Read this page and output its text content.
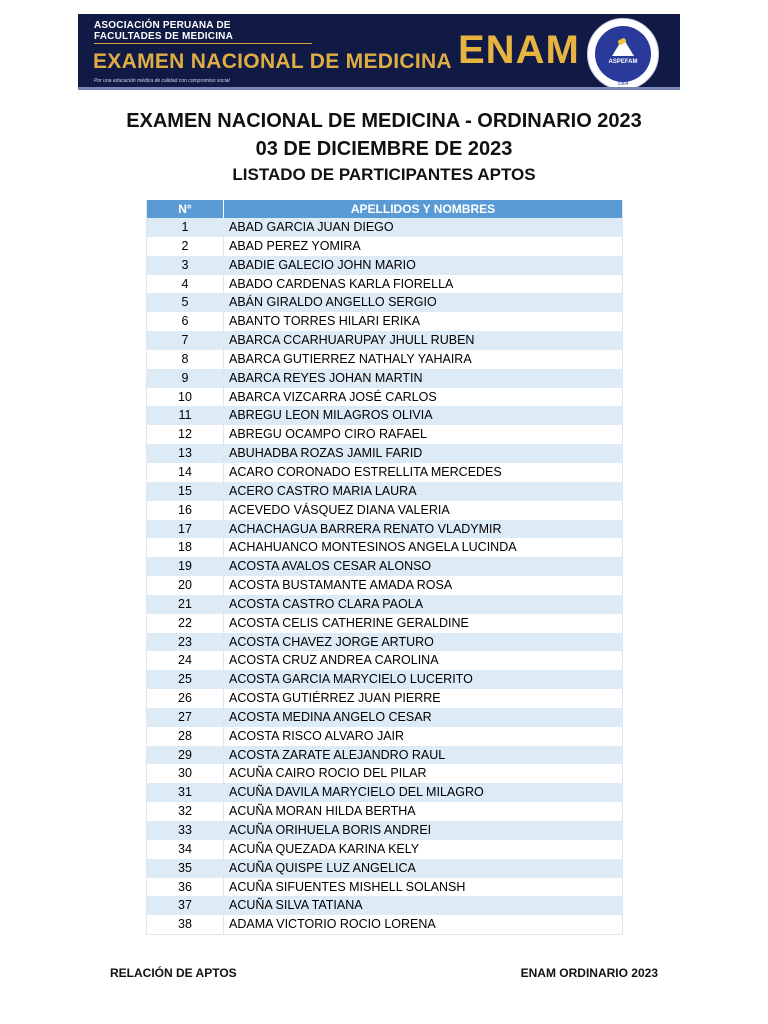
ASOCIACIÓN PERUANA DE
FACULTADES DE MEDICINA
EXAMEN NACIONAL DE MEDICINA
Por una educación médica de calidad con compromiso social
ENAM	ASPEFAM
1964
EXAMEN NACIONAL DE MEDICINA - ORDINARIO 2023
03 DE DICIEMBRE DE 2023
LISTADO DE PARTICIPANTES APTOS
N°	APELLIDOS Y NOMBRES
1	ABAD GARCIA JUAN DIEGO
2	ABAD PEREZ YOMIRA
3	ABADIE GALECIO JOHN MARIO
4	ABADO CARDENAS KARLA FIORELLA
5	ABÁN GIRALDO ANGELLO SERGIO
6	ABANTO TORRES HILARI ERIKA
7	ABARCA CCARHUARUPAY JHULL RUBEN
8	ABARCA GUTIERREZ NATHALY YAHAIRA
9	ABARCA REYES JOHAN MARTIN
10	ABARCA VIZCARRA JOSÉ CARLOS
11	ABREGU LEON MILAGROS OLIVIA
12	ABREGU OCAMPO CIRO RAFAEL
13	ABUHADBA ROZAS JAMIL FARID
14	ACARO CORONADO ESTRELLITA MERCEDES
15	ACERO CASTRO MARIA LAURA
16	ACEVEDO VÁSQUEZ DIANA VALERIA
17	ACHACHAGUA BARRERA RENATO VLADYMIR
18	ACHAHUANCO MONTESINOS ANGELA LUCINDA
19	ACOSTA AVALOS CESAR ALONSO
20	ACOSTA BUSTAMANTE AMADA ROSA
21	ACOSTA CASTRO CLARA PAOLA
22	ACOSTA CELIS CATHERINE GERALDINE
23	ACOSTA CHAVEZ JORGE ARTURO
24	ACOSTA CRUZ ANDREA CAROLINA
25	ACOSTA GARCIA MARYCIELO LUCERITO
26	ACOSTA GUTIÉRREZ JUAN PIERRE
27	ACOSTA MEDINA ANGELO CESAR
28	ACOSTA RISCO ALVARO JAIR
29	ACOSTA ZARATE ALEJANDRO RAUL
30	ACUÑA CAIRO ROCIO DEL PILAR
31	ACUÑA DAVILA MARYCIELO DEL MILAGRO
32	ACUÑA MORAN HILDA BERTHA
33	ACUÑA ORIHUELA BORIS ANDREI
34	ACUÑA QUEZADA KARINA KELY
35	ACUÑA QUISPE LUZ ANGELICA
36	ACUÑA SIFUENTES MISHELL SOLANSH
37	ACUÑA SILVA TATIANA
38	ADAMA VICTORIO ROCIO LORENA
RELACIÓN DE APTOS	ENAM ORDINARIO 2023
